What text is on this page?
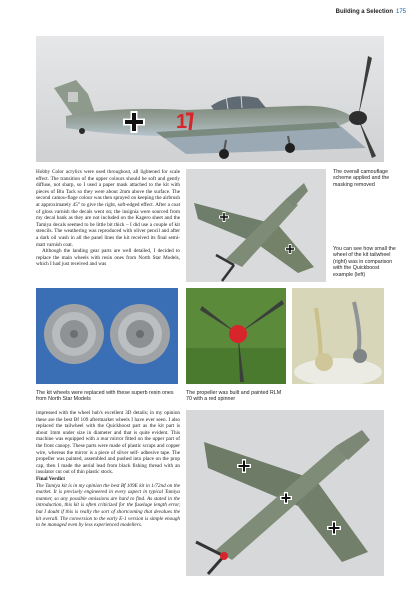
Building a Selection 175
1

Hobby Color acrylics were used throughout, all lightened for scale effect. The transition of the upper colours should be soft and gently diffuse, not sharp, so I used a paper mask attached to the kit with pieces of Blu Tack so they were about 2mm above the surface. The second camou-flage colour was then sprayed on keeping the airbrush at approximately 45° to give the right, soft-edged effect. After a coat of gloss varnish the decals went on; the insignia were sourced from my decal bank as they are not included on the Kagero sheet and the Tamiya decals seemed to be little bit thick – I did use a couple of kit stencils. The weathering was reproduced with oliver pencil and after a dark oil wash in all the panel lines the kit received its final semi-matt varnish coat.

Although the landing gear parts are well detailed, I decided to replace the main wheels with resin ones from North Star Models, which I had just received and was

The overall camouflage scheme applied and the masking removed
You can see how small the wheel of the kit tailwheel (right) was in comparison with the Quickboost example (left)
The kit wheels were replaced with these superb resin ones from North Star Models
The propeller was built and painted RLM 70 with a red spinner

impressed with the wheel hub's excellent 3D details; in my opinion these are the best Bf 109 aftermarket wheels I have ever seen. I also replaced the tailwheel with the Quickboost part as the kit part is about 1mm under size in diameter and that is quite evident. This machine was equipped with a rear mirror fitted on the upper part of the front canopy. These parts were made of plastic scraps and copper wire, whereas the mirror is a piece of silver self- adhesive tape. The propeller was painted, assembled and pushed into place on the prop cap, then I made the aerial lead from black fishing thread with an insulator cut out of thin plastic stock.

Final Verdict

The Tamiya kit is in my opinion the best Bf 109E kit in 1/72nd on the market. It is precisely engineered in every aspect in typical Tamiya manner, so any possible omissions are hard to find. As stated in the introduction, this kit is often criticized for the fuselage length error, but I doubt if this is really the sort of shortcoming that devalues the kit overall. The conversion to the early E-1 version is simple enough to be managed even by less experienced modellers.
